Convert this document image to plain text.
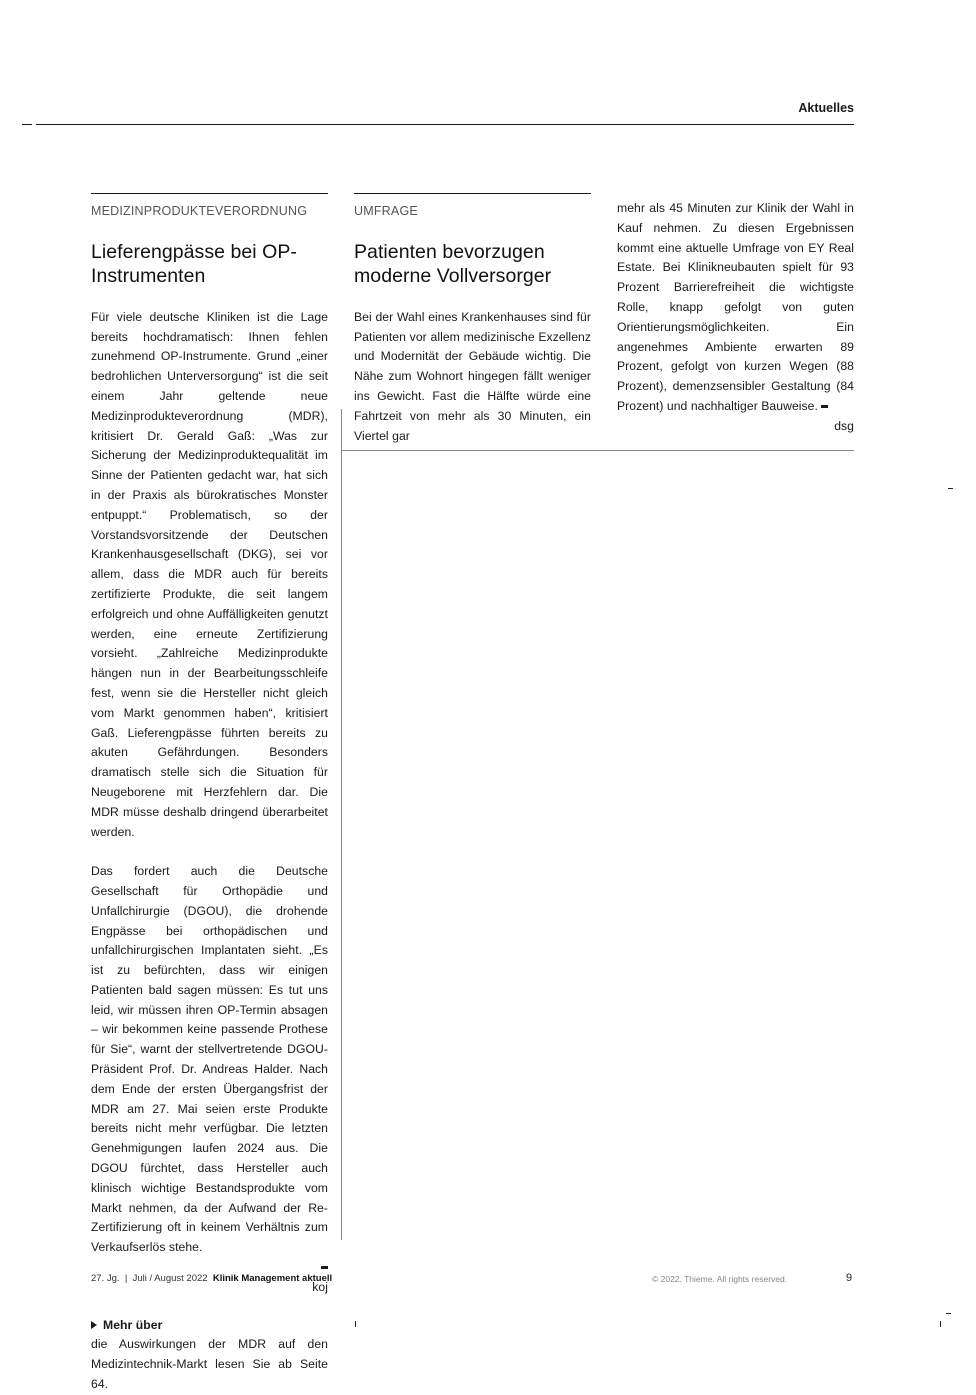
Aktuelles
MEDIZINPRODUKTEVERORDNUNG
Lieferengpässe bei OP-Instrumenten

Für viele deutsche Kliniken ist die Lage bereits hochdramatisch: Ihnen fehlen zunehmend OP-Instrumente. Grund „einer bedrohlichen Unterversorgung“ ist die seit einem Jahr geltende neue Medizinprodukteverordnung (MDR), kritisiert Dr. Gerald Gaß: „Was zur Sicherung der Medizinproduktequalität im Sinne der Patienten gedacht war, hat sich in der Praxis als bürokratisches Monster entpuppt.“ Problematisch, so der Vorstandsvorsitzende der Deutschen Krankenhausgesellschaft (DKG), sei vor allem, dass die MDR auch für bereits zertifizierte Produkte, die seit langem erfolgreich und ohne Auffälligkeiten genutzt werden, eine erneute Zertifizierung vorsieht. „Zahlreiche Medizinprodukte hängen nun in der Bearbeitungsschleife fest, wenn sie die Hersteller nicht gleich vom Markt genommen haben“, kritisiert Gaß. Lieferengpässe führten bereits zu akuten Gefährdungen. Besonders dramatisch stelle sich die Situation für Neugeborene mit Herzfehlern dar. Die MDR müsse deshalb dringend überarbeitet werden.

Das fordert auch die Deutsche Gesellschaft für Orthopädie und Unfallchirurgie (DGOU), die drohende Engpässe bei orthopädischen und unfallchirurgischen Implantaten sieht. „Es ist zu befürchten, dass wir einigen Patienten bald sagen müssen: Es tut uns leid, wir müssen ihren OP-Termin absagen – wir bekommen keine passende Prothese für Sie“, warnt der stellvertretende DGOU-Präsident Prof. Dr. Andreas Halder. Nach dem Ende der ersten Übergangsfrist der MDR am 27. Mai seien erste Produkte bereits nicht mehr verfügbar. Die letzten Genehmigungen laufen 2024 aus. Die DGOU fürchtet, dass Hersteller auch klinisch wichtige Bestandsprodukte vom Markt nehmen, da der Aufwand der Re-Zertifizierung oft in keinem Verhältnis zum Verkaufserlös stehe.

koj
Mehr über

die Auswirkungen der MDR auf den Medizintechnik-Markt lesen Sie ab Seite 64.

UMFRAGE
Patienten bevorzugen moderne Vollversorger

Bei der Wahl eines Krankenhauses sind für Patienten vor allem medizinische Exzellenz und Modernität der Gebäude wichtig. Die Nähe zum Wohnort hingegen fällt weniger ins Gewicht. Fast die Hälfte würde eine Fahrtzeit von mehr als 30 Minuten, ein Viertel gar

mehr als 45 Minuten zur Klinik der Wahl in Kauf nehmen. Zu diesen Ergebnissen kommt eine aktuelle Umfrage von EY Real Estate. Bei Klinikneubauten spielt für 93 Prozent Barrierefreiheit die wichtigste Rolle, knapp gefolgt von guten Orientierungsmöglichkeiten. Ein angenehmes Ambiente erwarten 89 Prozent, gefolgt von kurzen Wegen (88 Prozent), demenzsensibler Gestaltung (84 Prozent) und nachhaltiger Bauweise.

dsg
27. Jg. | Juli / August 2022 Klinik Management aktuell	© 2022. Thieme. All rights reserved.	9
